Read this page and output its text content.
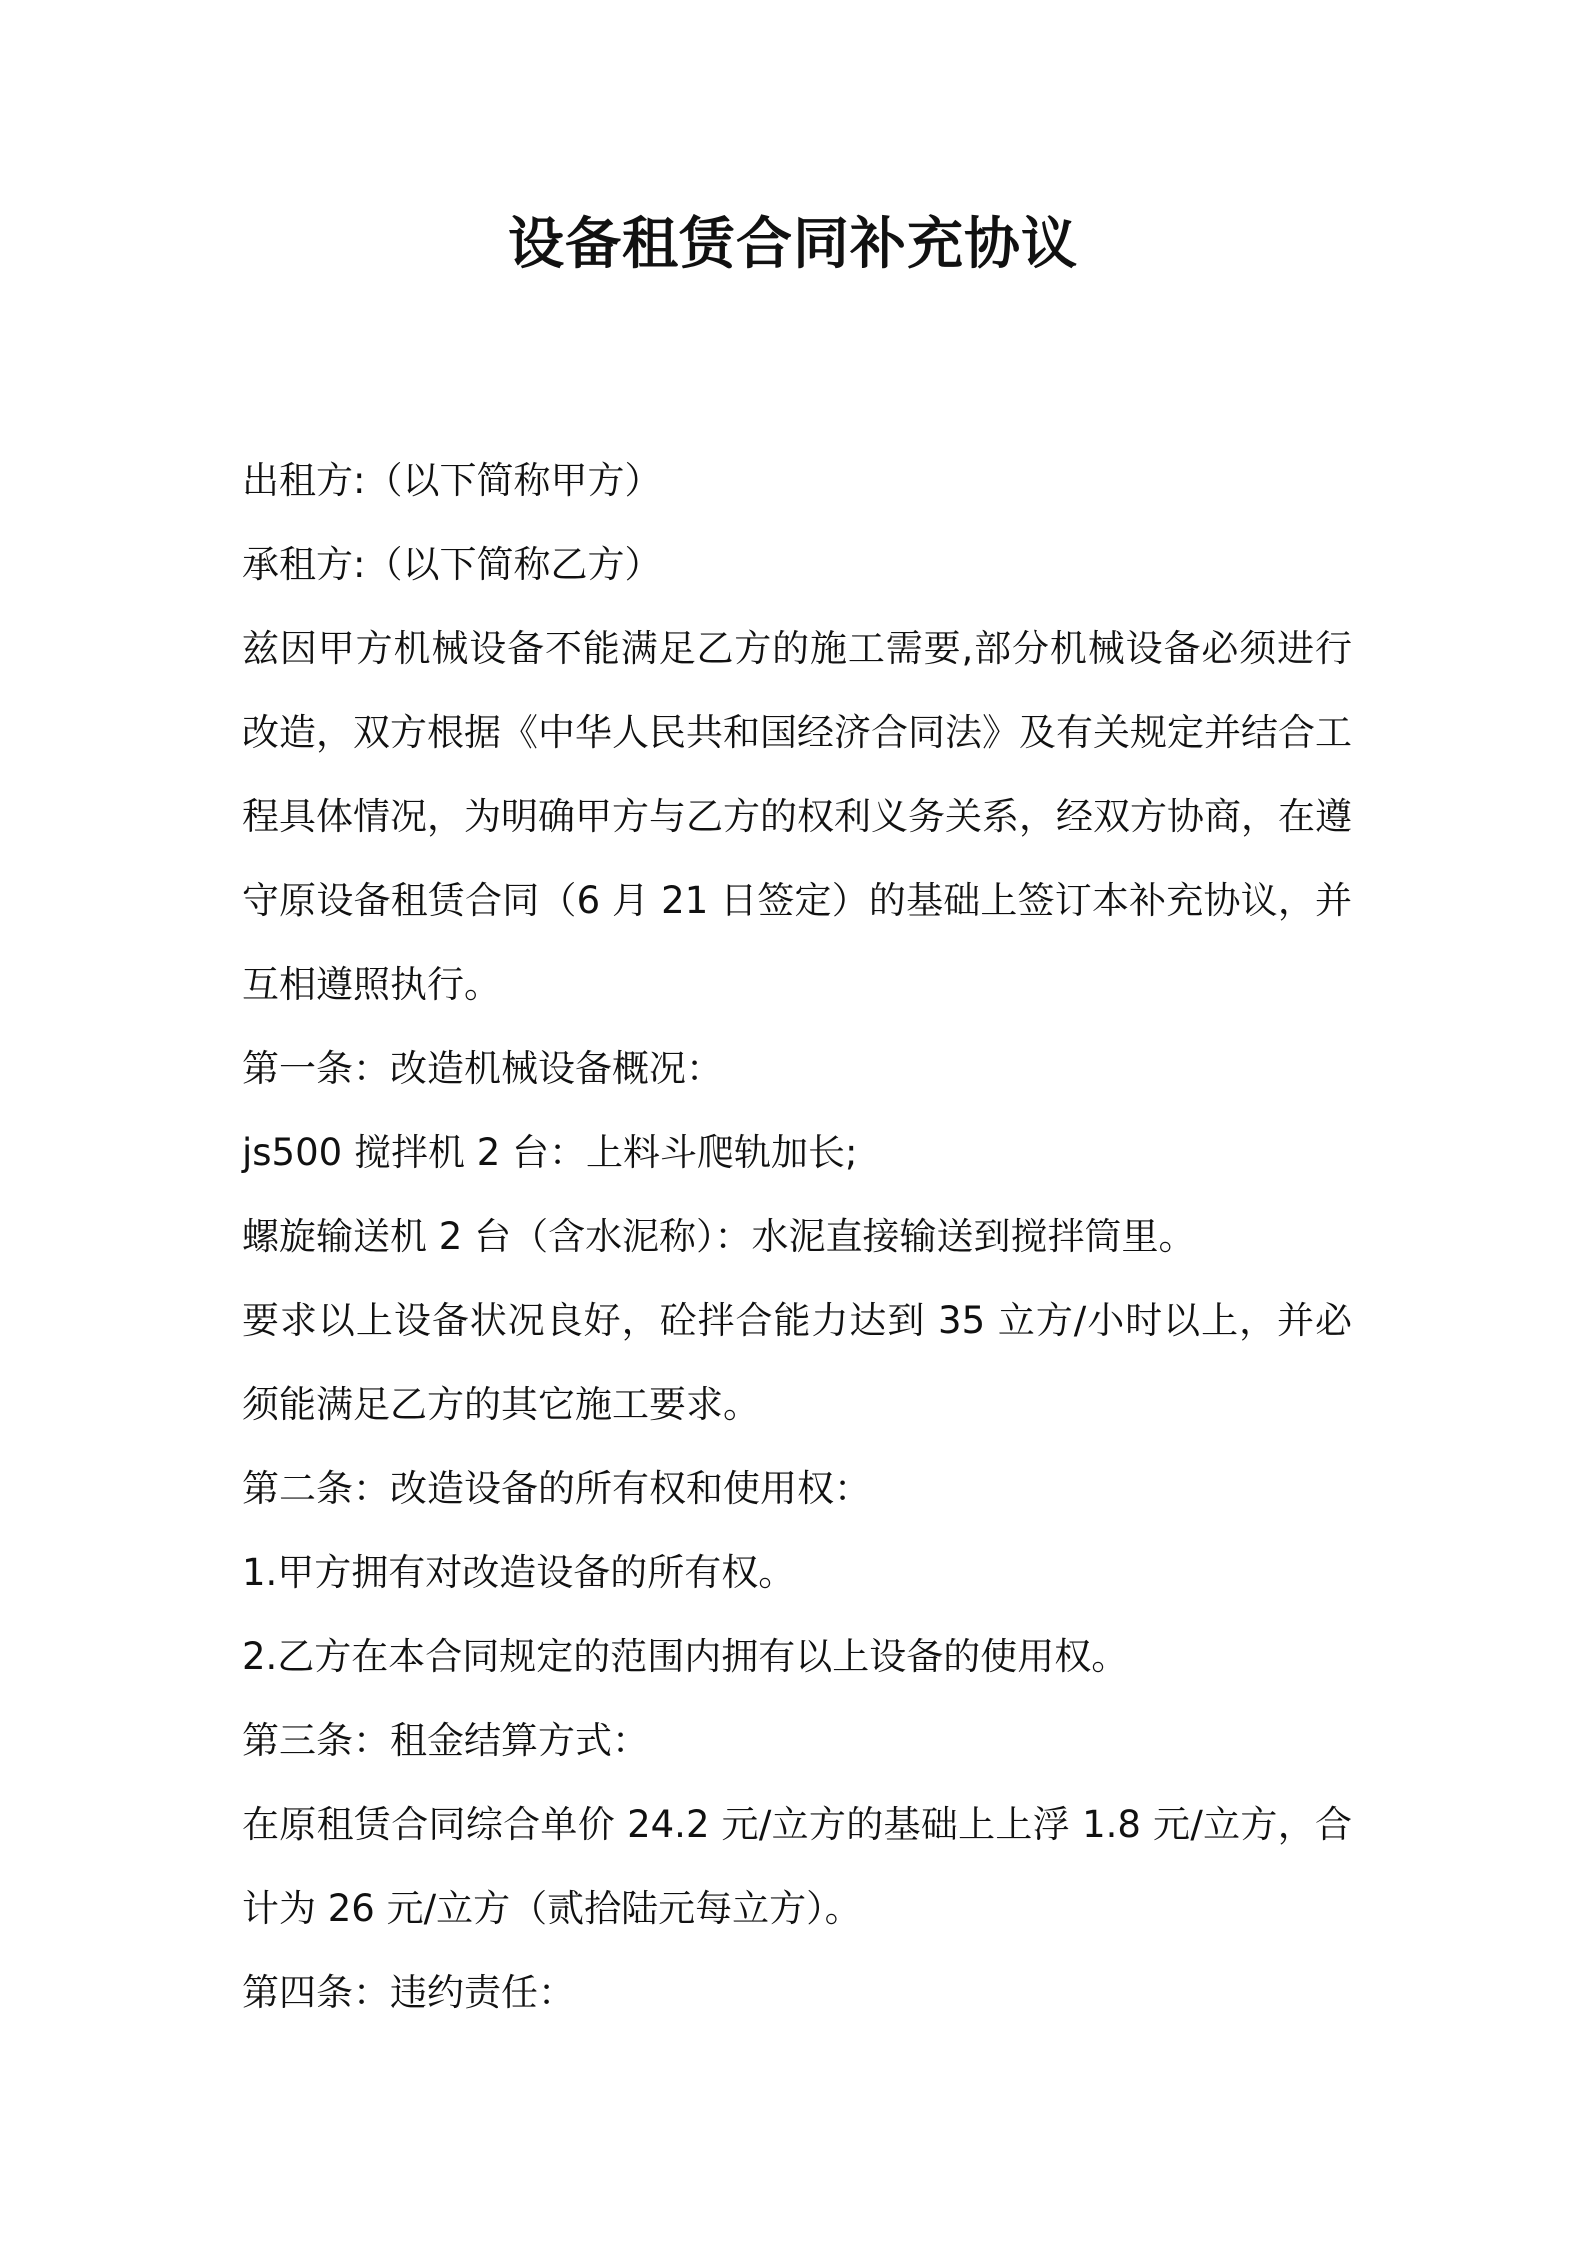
设备租赁合同补充协议

出租方:（以下简称甲方）

承租方:（以下简称乙方）

兹因甲方机械设备不能满足乙方的施工需要,部分机械设备必须进行改造，双方根据《中华人民共和国经济合同法》及有关规定并结合工程具体情况，为明确甲方与乙方的权利义务关系，经双方协商，在遵守原设备租赁合同（6 月 21 日签定）的基础上签订本补充协议，并互相遵照执行。

第一条：改造机械设备概况：

js500 搅拌机 2 台：上料斗爬轨加长;

螺旋输送机 2 台（含水泥称）：水泥直接输送到搅拌筒里。

要求以上设备状况良好，砼拌合能力达到 35 立方/小时以上，并必须能满足乙方的其它施工要求。

第二条：改造设备的所有权和使用权：

1.甲方拥有对改造设备的所有权。

2.乙方在本合同规定的范围内拥有以上设备的使用权。

第三条：租金结算方式：

在原租赁合同综合单价 24.2 元/立方的基础上上浮 1.8 元/立方，合计为 26 元/立方（贰拾陆元每立方）。

第四条：违约责任：
